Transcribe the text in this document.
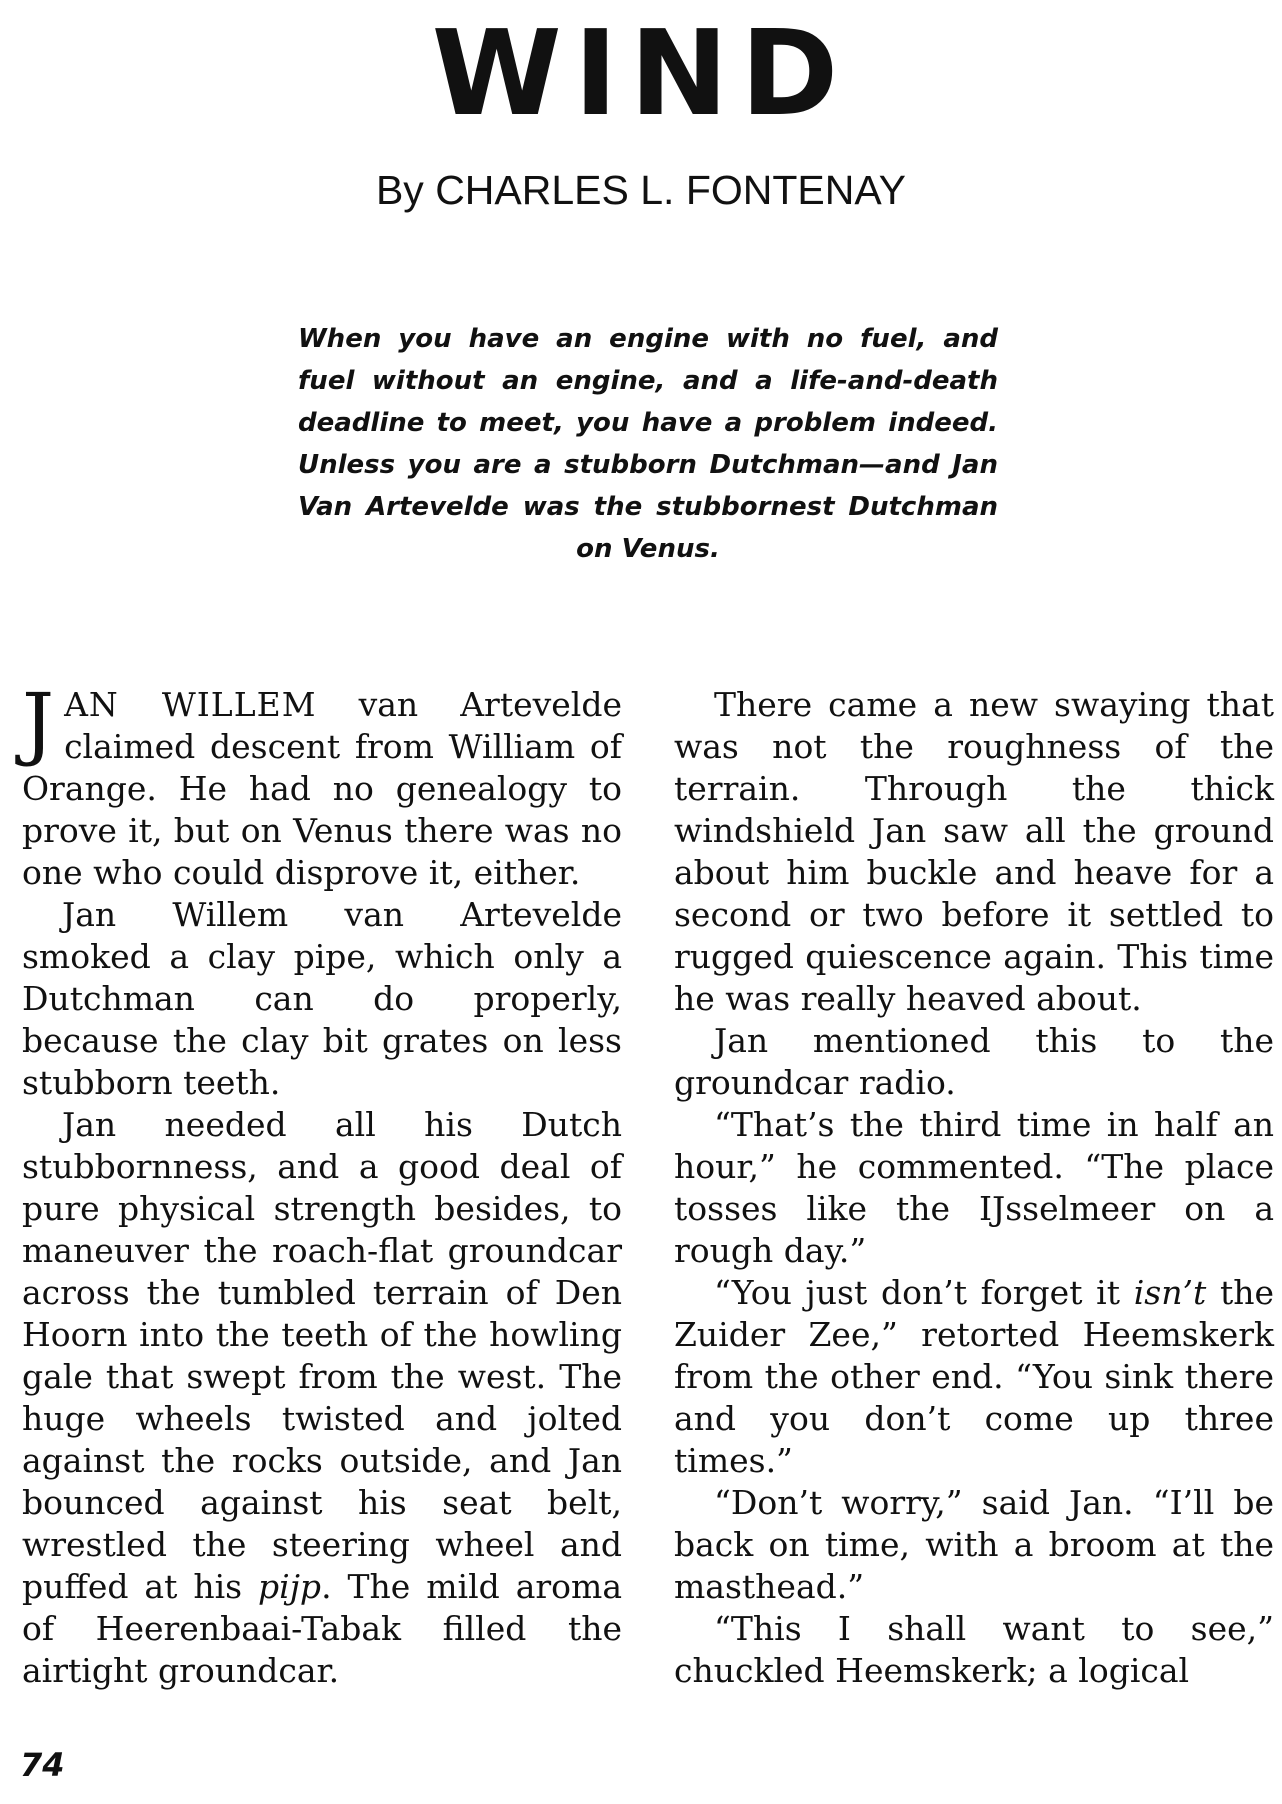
WIND
By CHARLES L. FONTENAY

When you have an engine with no fuel, and fuel without an engine, and a life-and-death deadline to meet, you have a problem indeed. Unless you are a stubborn Dutchman—and Jan Van Artevelde was the stubbornest Dutchman on Venus.

JAN WILLEM van Artevelde claimed descent from William of Orange. He had no genealogy to prove it, but on Venus there was no one who could disprove it, either.

Jan Willem van Artevelde smoked a clay pipe, which only a Dutchman can do properly, because the clay bit grates on less stubborn teeth.

Jan needed all his Dutch stubbornness, and a good deal of pure physical strength besides, to maneuver the roach-flat groundcar across the tumbled terrain of Den Hoorn into the teeth of the howling gale that swept from the west. The huge wheels twisted and jolted against the rocks outside, and Jan bounced against his seat belt, wrestled the steering wheel and puffed at his pijp. The mild aroma of Heerenbaai-Tabak filled the airtight groundcar.

There came a new swaying that was not the roughness of the terrain. Through the thick windshield Jan saw all the ground about him buckle and heave for a second or two before it settled to rugged quiescence again. This time he was really heaved about.

Jan mentioned this to the groundcar radio.

“That’s the third time in half an hour,” he commented. “The place tosses like the IJsselmeer on a rough day.”

“You just don’t forget it isn’t the Zuider Zee,” retorted Heemskerk from the other end. “You sink there and you don’t come up three times.”

“Don’t worry,” said Jan. “I’ll be back on time, with a broom at the masthead.”

“This I shall want to see,” chuckled Heemskerk; a logical

74
